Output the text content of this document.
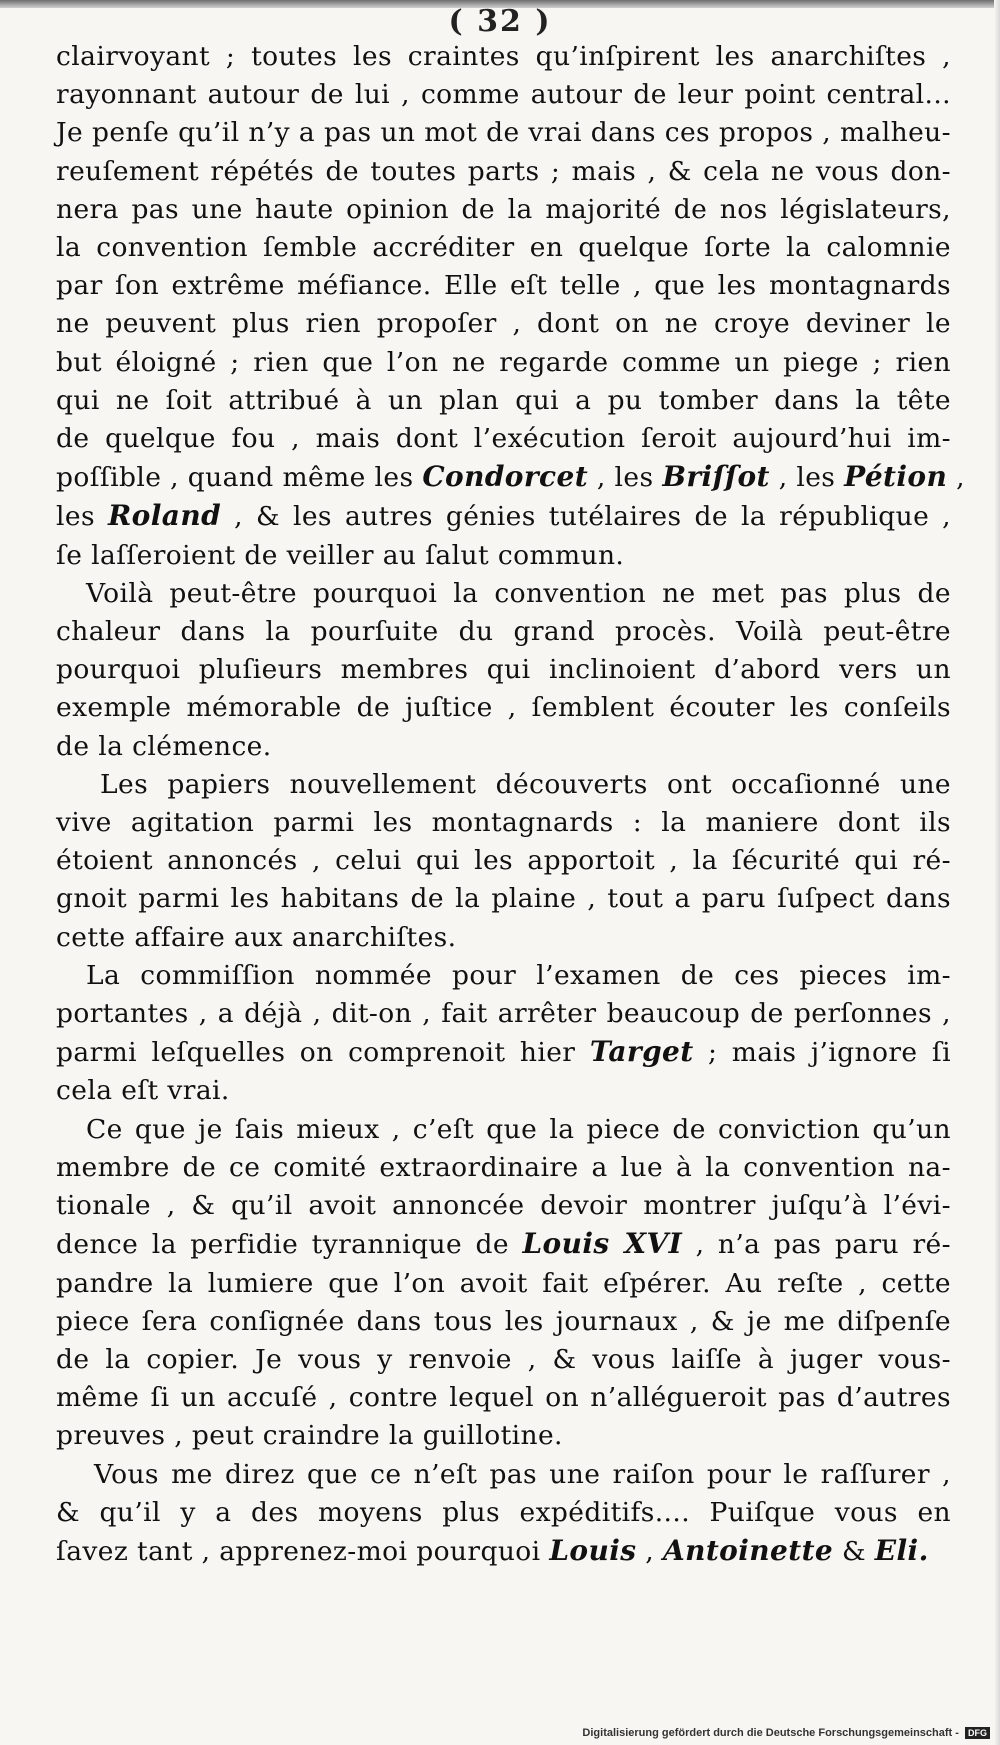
( 32 )

clairvoyant ; toutes les craintes qu’inſpirent les anarchiſtes ,
rayonnant autour de lui , comme autour de leur point central...
Je penſe qu’il n’y a pas un mot de vrai dans ces propos , malheu-
reuſement répétés de toutes parts ; mais , & cela ne vous don-
nera pas une haute opinion de la majorité de nos législateurs,
la convention ſemble accréditer en quelque ſorte la calomnie
par ſon extrême méfiance. Elle eſt telle , que les montagnards
ne peuvent plus rien propoſer , dont on ne croye deviner le
but éloigné ; rien que l’on ne regarde comme un piege ; rien
qui ne ſoit attribué à un plan qui a pu tomber dans la tête
de quelque fou , mais dont l’exécution ſeroit aujourd’hui im-
poſſible , quand même les Condorcet , les Briſſot , les Pétion ,
les Roland , & les autres génies tutélaires de la république ,
ſe laſſeroient de veiller au ſalut commun.

Voilà peut-être pourquoi la convention ne met pas plus de
chaleur dans la pourſuite du grand procès. Voilà peut-être
pourquoi pluſieurs membres qui inclinoient d’abord vers un
exemple mémorable de juſtice , ſemblent écouter les conſeils
de la clémence.

Les papiers nouvellement découverts ont occaſionné une
vive agitation parmi les montagnards : la maniere dont ils
étoient annoncés , celui qui les apportoit , la ſécurité qui ré-
gnoit parmi les habitans de la plaine , tout a paru ſuſpect dans
cette affaire aux anarchiſtes.

La commiſſion nommée pour l’examen de ces pieces im-
portantes , a déjà , dit-on , fait arrêter beaucoup de perſonnes ,
parmi leſquelles on comprenoit hier Target ; mais j’ignore ſi
cela eſt vrai.

Ce que je ſais mieux , c’eſt que la piece de conviction qu’un
membre de ce comité extraordinaire a lue à la convention na-
tionale , & qu’il avoit annoncée devoir montrer juſqu’à l’évi-
dence la perfidie tyrannique de Louis XVI , n’a pas paru ré-
pandre la lumiere que l’on avoit fait eſpérer. Au reſte , cette
piece ſera conſignée dans tous les journaux , & je me diſpenſe
de la copier. Je vous y renvoie , & vous laiſſe à juger vous-
même ſi un accuſé , contre lequel on n’allégueroit pas d’autres
preuves , peut craindre la guillotine.

Vous me direz que ce n’eſt pas une raiſon pour le raſſurer ,
& qu’il y a des moyens plus expéditifs.... Puiſque vous en
ſavez tant , apprenez-moi pourquoi Louis , Antoinette & Eli.

Digitalisierung gefördert durch die Deutsche Forschungsgemeinschaft - DFG
